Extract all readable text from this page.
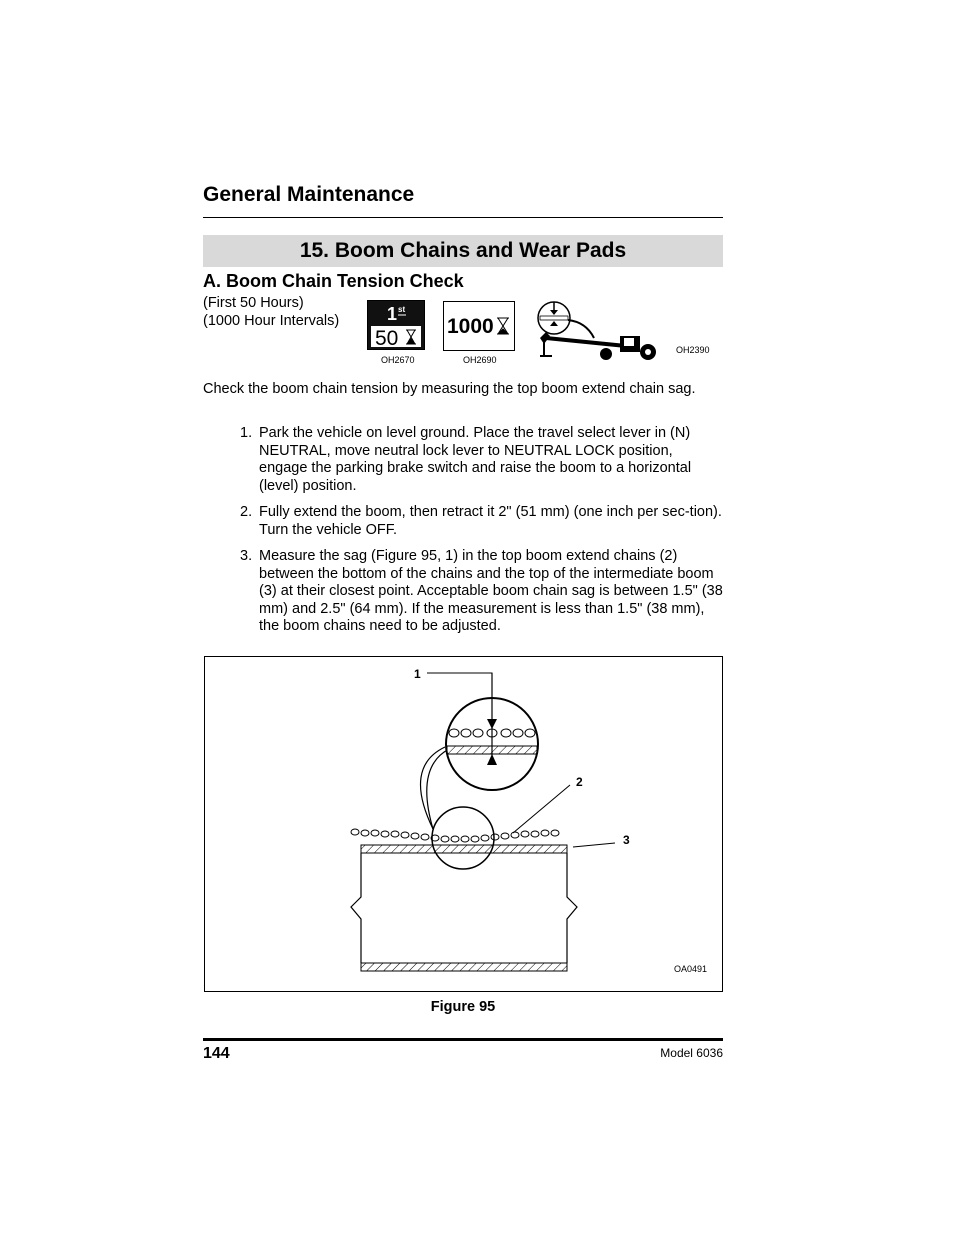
General Maintenance
15. Boom Chains and Wear Pads
A. Boom Chain Tension Check
(First 50 Hours)
(1000 Hour Intervals)	1 st
50
OH2670
1000
OH2690
OH2390
Check the boom chain tension by measuring the top boom extend chain sag.
1. Park the vehicle on level ground. Place the travel select lever in (N) NEUTRAL, move neutral lock lever to NEUTRAL LOCK position, engage the parking brake switch and raise the boom to a horizontal (level) position.
2. Fully extend the boom, then retract it 2" (51 mm) (one inch per sec-tion). Turn the vehicle OFF.
3. Measure the sag (Figure 95, 1) in the top boom extend chains (2) between the bottom of the chains and the top of the intermediate boom (3) at their closest point. Acceptable boom chain sag is between 1.5" (38 mm) and 2.5" (64 mm). If the measurement is less than 1.5" (38 mm), the boom chains need to be adjusted.
1
2
3
OA0491
Figure 95
144	Model 6036
